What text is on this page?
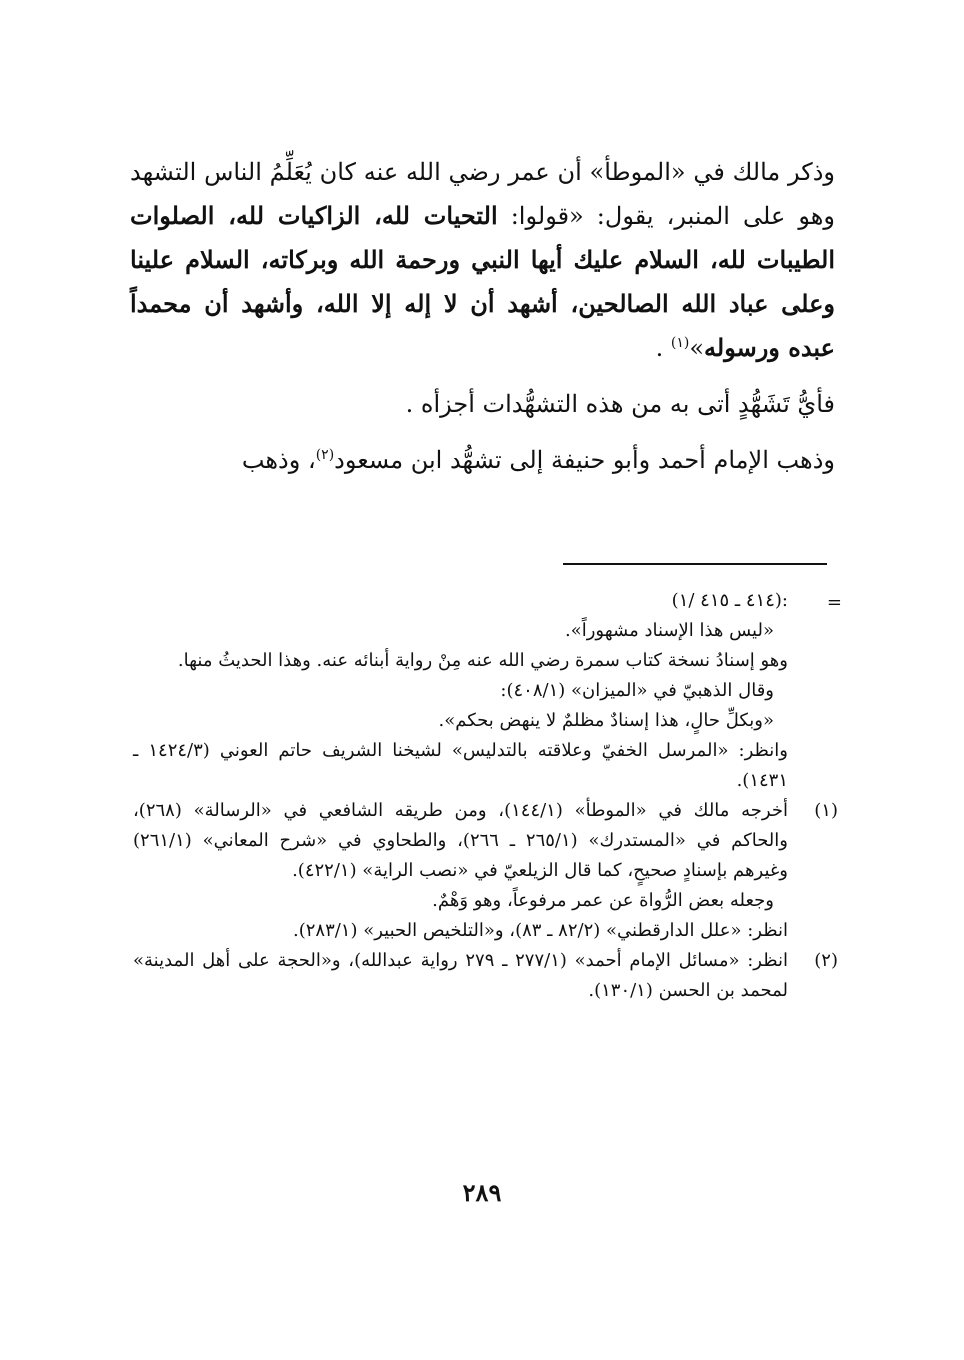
وذكر مالك في «الموطأ» أن عمر رضي الله عنه كان يُعَلِّمُ الناس التشهد وهو على المنبر، يقول: «قولوا: التحيات لله، الزاكيات لله، الصلوات الطيبات لله، السلام عليك أيها النبي ورحمة الله وبركاته، السلام علينا وعلى عباد الله الصالحين، أشهد أن لا إله إلا الله، وأشهد أن محمداً عبده ورسوله»$^{(١)}$ .

فأيُّ تَشَهُّدٍ أتى به من هذه التشهُّدات أجزأه .

وذهب الإمام أحمد وأبو حنيفة إلى تشهُّد ابن مسعود$^{(٢)}$، وذهب

=

:(٤١٤ ـ ٤١٥ /١)

«ليس هذا الإسناد مشهوراً».

وهو إسنادُ نسخة كتاب سمرة رضي الله عنه مِنْ رواية أبنائه عنه. وهذا الحديثُ منها.

وقال الذهبيّ في «الميزان» (٤٠٨/١):

«وبكلِّ حالٍ، هذا إسنادٌ مظلمٌ لا ينهض بحكم».

وانظر: «المرسل الخفيّ وعلاقته بالتدليس» لشيخنا الشريف حاتم العوني (١٤٢٤/٣ ـ ١٤٣١).

(١)

أخرجه مالك في «الموطأ» (١٤٤/١)، ومن طريقه الشافعي في «الرسالة» (٢٦٨)، والحاكم في «المستدرك» (٢٦٥/١ ـ ٢٦٦)، والطحاوي في «شرح المعاني» (٢٦١/١) وغيرهم بإسنادٍ صحيحٍ، كما قال الزيلعيّ في «نصب الراية» (٤٢٢/١).

وجعله بعض الرُّواة عن عمر مرفوعاً، وهو وَهْمٌ.

انظر: «علل الدارقطني» (٨٢/٢ ـ ٨٣)، و«التلخيص الحبير» (٢٨٣/١).

(٢)

انظر: «مسائل الإمام أحمد» (٢٧٧/١ ـ ٢٧٩ رواية عبدالله)، و«الحجة على أهل المدينة» لمحمد بن الحسن (١٣٠/١).

٢٨٩
